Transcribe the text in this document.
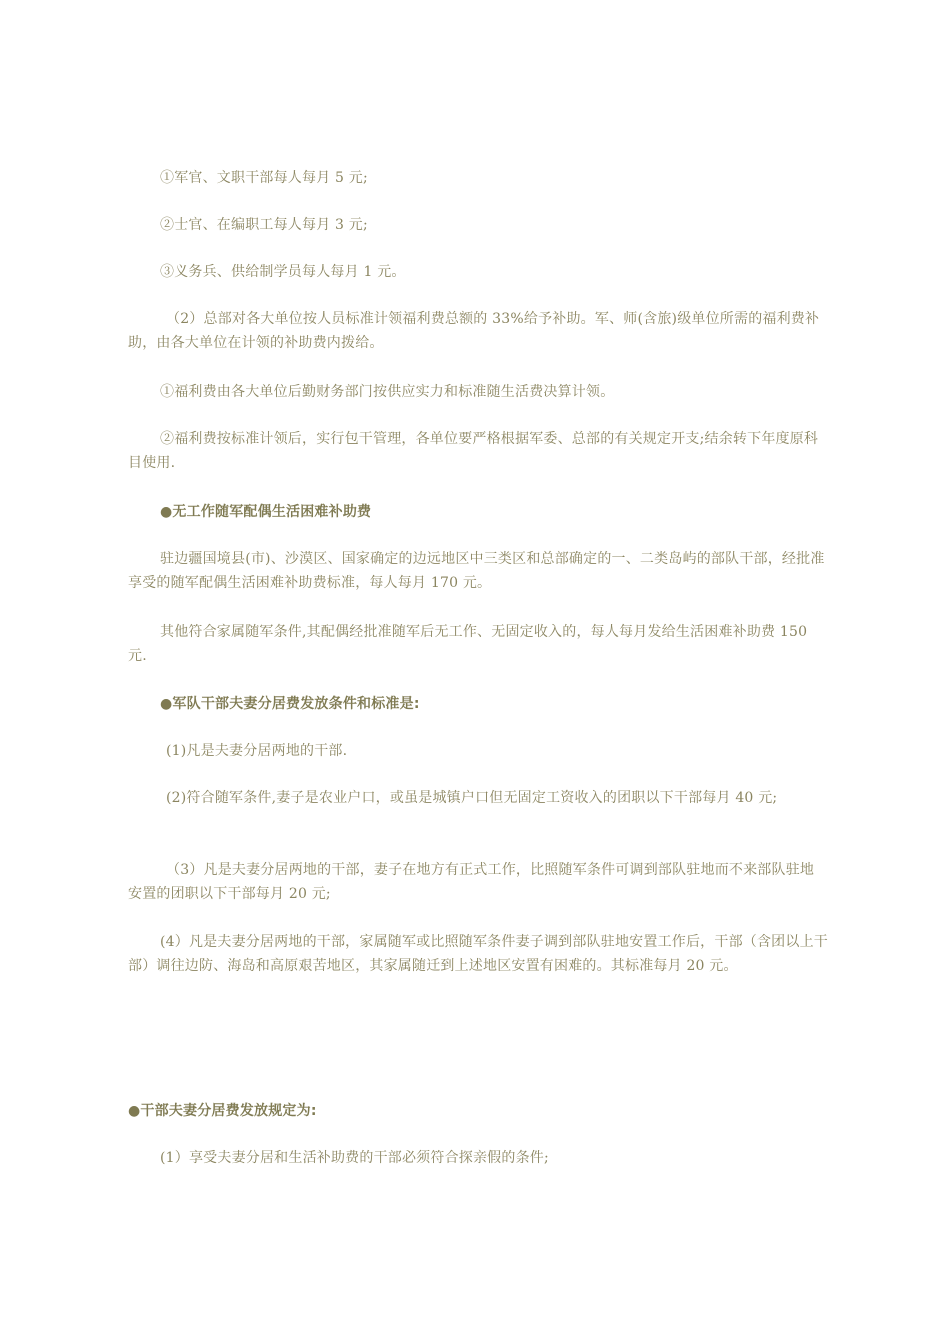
①军官、文职干部每人每月 5 元;

②士官、在编职工每人每月 3 元;

③义务兵、供给制学员每人每月 1 元。

（2）总部对各大单位按人员标准计领福利费总额的 33%给予补助。军、师(含旅)级单位所需的福利费补助，由各大单位在计领的补助费内拨给。

①福利费由各大单位后勤财务部门按供应实力和标准随生活费决算计领。

②福利费按标准计领后，实行包干管理，各单位要严格根据军委、总部的有关规定开支;结余转下年度原科目使用.

●无工作随军配偶生活困难补助费

驻边疆国境县(市)、沙漠区、国家确定的边远地区中三类区和总部确定的一、二类岛屿的部队干部，经批准享受的随军配偶生活困难补助费标准，每人每月 170 元。

其他符合家属随军条件,其配偶经批准随军后无工作、无固定收入的，每人每月发给生活困难补助费 150 元.

●军队干部夫妻分居费发放条件和标准是:

(1)凡是夫妻分居两地的干部.

(2)符合随军条件,妻子是农业户口，或虽是城镇户口但无固定工资收入的团职以下干部每月 40 元;

（3）凡是夫妻分居两地的干部，妻子在地方有正式工作，比照随军条件可调到部队驻地而不来部队驻地安置的团职以下干部每月 20 元;

(4）凡是夫妻分居两地的干部，家属随军或比照随军条件妻子调到部队驻地安置工作后，干部（含团以上干部）调往边防、海岛和高原艰苦地区，其家属随迁到上述地区安置有困难的。其标准每月 20 元。

●干部夫妻分居费发放规定为:

(1）享受夫妻分居和生活补助费的干部必须符合探亲假的条件;
